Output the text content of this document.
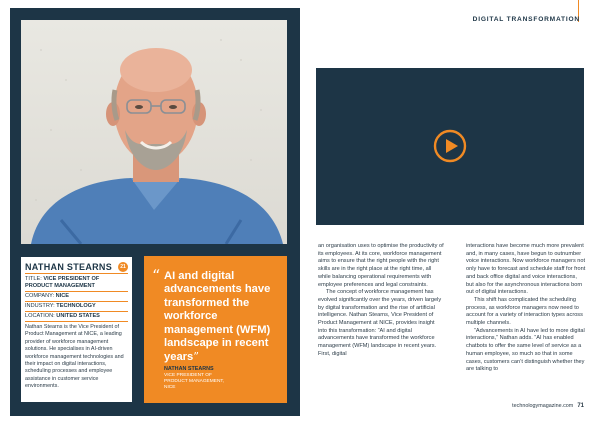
NATHAN STEARNS	21
TITLE: VICE PRESIDENT OF PRODUCT MANAGEMENT
COMPANY: NICE
INDUSTRY: TECHNOLOGY
LOCATION: UNITED STATES
Nathan Stearns is the Vice President of Product Management at NICE, a leading provider of workforce management solutions. He specialises in AI-driven workforce management technologies and their impact on digital interactions, scheduling processes and employee assistance in customer service environments.
“ AI and digital advancements have transformed the workforce management (WFM) landscape in recent years”
NATHAN STEARNS
VICE PRESIDENT OF
PRODUCT MANAGEMENT,
NICE
DIGITAL TRANSFORMATION

an organisation uses to optimise the productivity of its employees. At its core, workforce management aims to ensure that the right people with the right skills are in the right place at the right time, all while balancing operational requirements with employee preferences and legal constraints.

The concept of workforce management has evolved significantly over the years, driven largely by digital transformation and the rise of artificial intelligence. Nathan Stearns, Vice President of Product Management at NICE, provides insight into this transformation: “AI and digital advancements have transformed the workforce management (WFM) landscape in recent years. First, digital

interactions have become much more prevalent and, in many cases, have begun to outnumber voice interactions. Now workforce managers not only have to forecast and schedule staff for front and back office digital and voice interactions, but also for the asynchronous interactions born out of digital interactions.

This shift has complicated the scheduling process, as workforce managers now need to account for a variety of interaction types across multiple channels.

“Advancements in AI have led to more digital interactions,” Nathan adds. “AI has enabled chatbots to offer the same level of service as a human employee, so much so that in some cases, customers can’t distinguish whether they are talking to

technologymagazine.com 71
